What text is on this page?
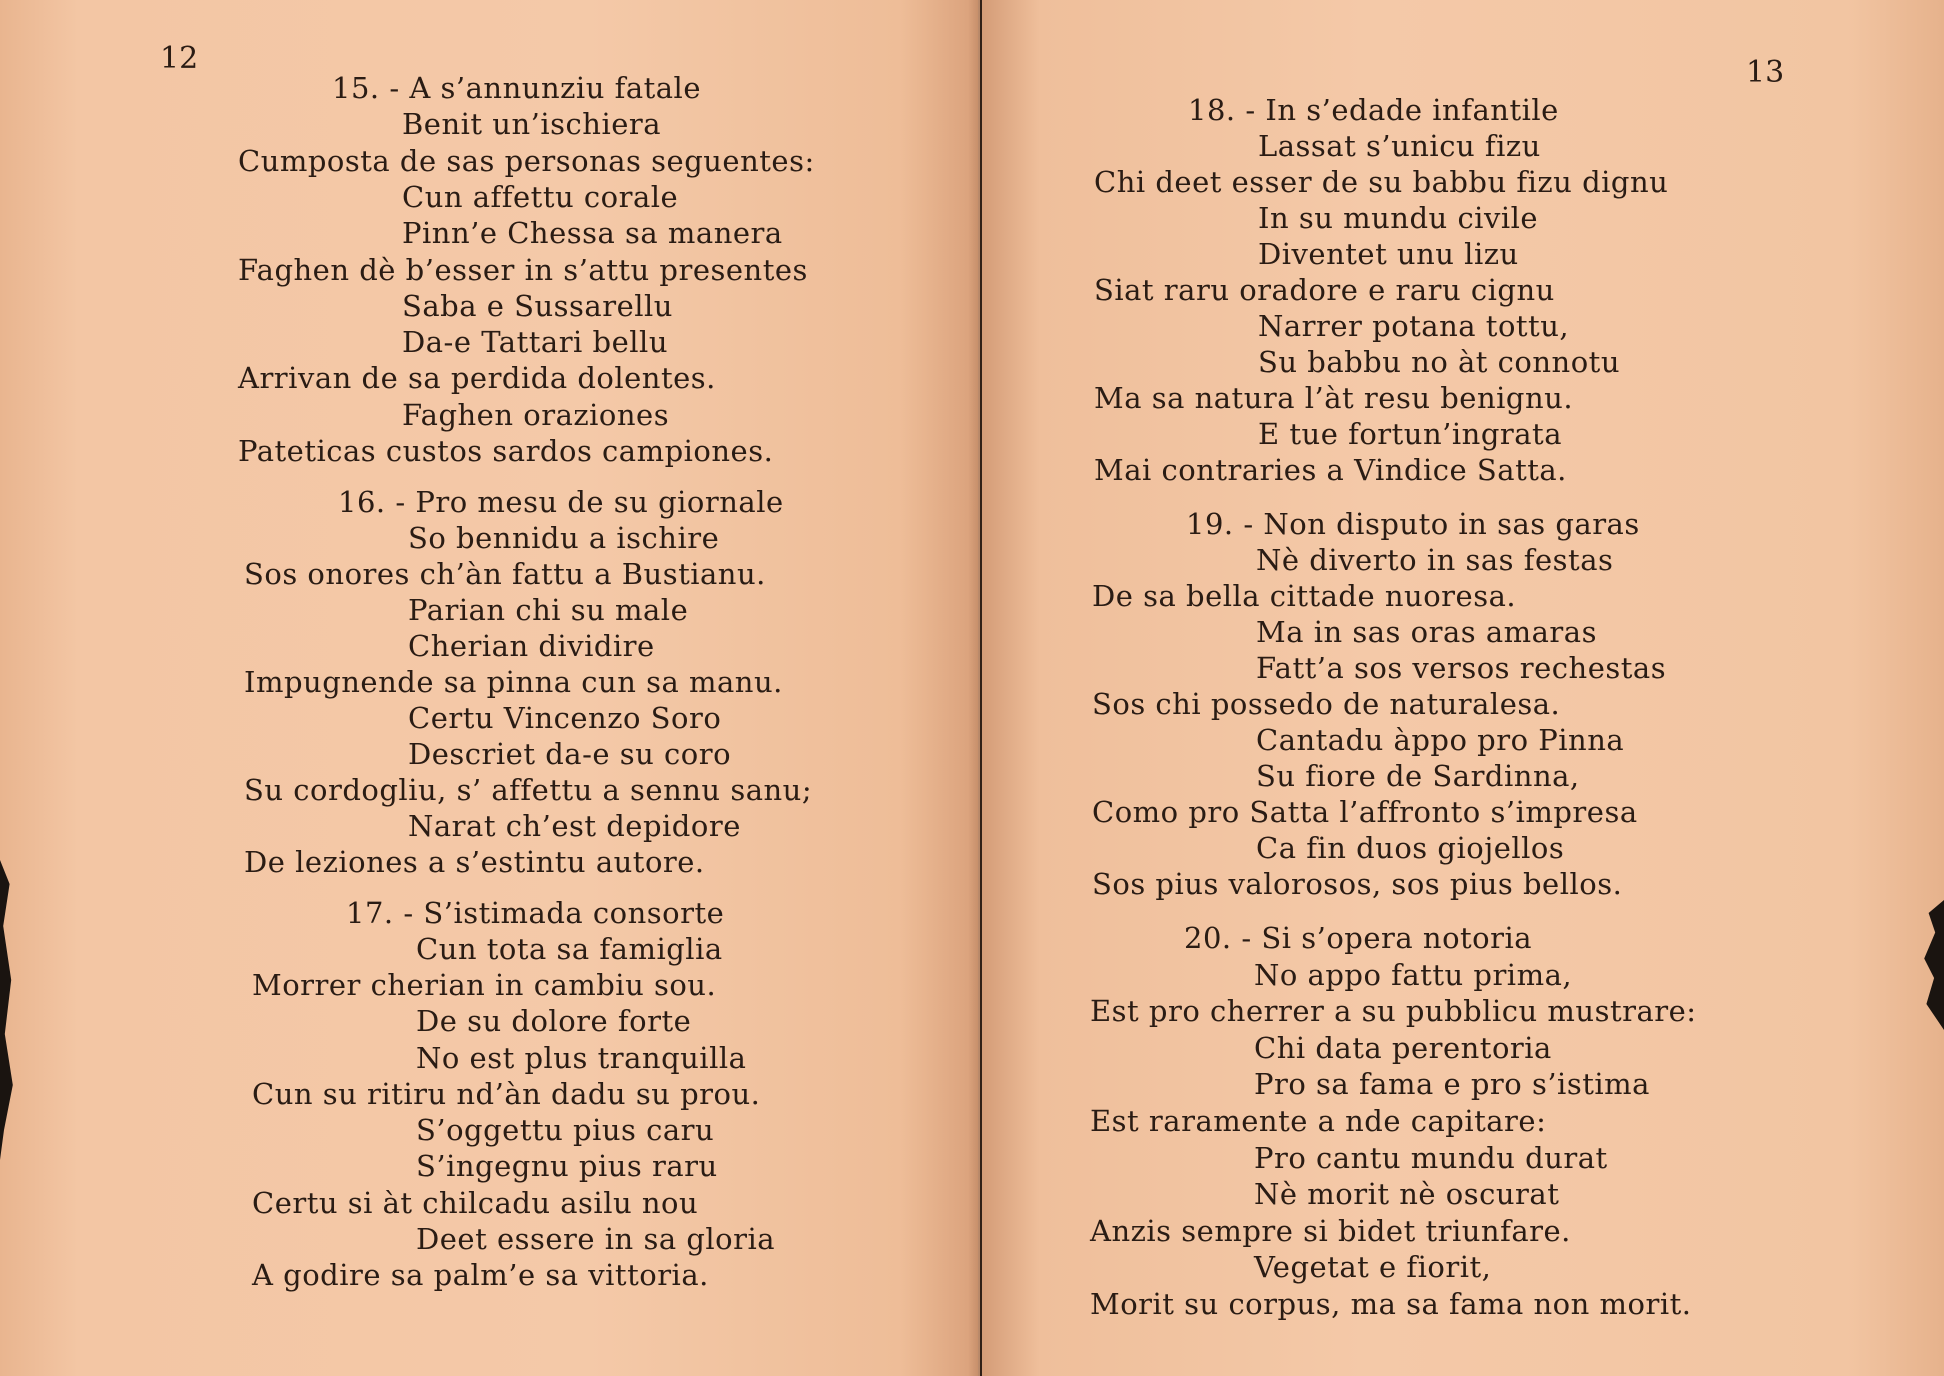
12
15. - A s’annunziu fatale
Benit un’ischiera
Cumposta de sas personas seguentes:
Cun affettu corale
Pinn’e Chessa sa manera
Faghen dè b’esser in s’attu presentes
Saba e Sussarellu
Da-e Tattari bellu
Arrivan de sa perdida dolentes.
Faghen oraziones
Pateticas custos sardos campiones.
16. - Pro mesu de su giornale
So bennidu a ischire
Sos onores ch’àn fattu a Bustianu.
Parian chi su male
Cherian dividire
Impugnende sa pinna cun sa manu.
Certu Vincenzo Soro
Descriet da-e su coro
Su cordogliu, s’ affettu a sennu sanu;
Narat ch’est depidore
De leziones a s’estintu autore.
17. - S’istimada consorte
Cun tota sa famiglia
Morrer cherian in cambiu sou.
De su dolore forte
No est plus tranquilla
Cun su ritiru nd’àn dadu su prou.
S’oggettu pius caru
S’ingegnu pius raru
Certu si àt chilcadu asilu nou
Deet essere in sa gloria
A godire sa palm’e sa vittoria.
13
18. - In s’edade infantile
Lassat s’unicu fizu
Chi deet esser de su babbu fizu dignu
In su mundu civile
Diventet unu lizu
Siat raru oradore e raru cignu
Narrer potana tottu,
Su babbu no àt connotu
Ma sa natura l’àt resu benignu.
E tue fortun’ingrata
Mai contraries a Vindice Satta.
19. - Non disputo in sas garas
Nè diverto in sas festas
De sa bella cittade nuoresa.
Ma in sas oras amaras
Fatt’a sos versos rechestas
Sos chi possedo de naturalesa.
Cantadu àppo pro Pinna
Su fiore de Sardinna,
Como pro Satta l’affronto s’impresa
Ca fin duos giojellos
Sos pius valorosos, sos pius bellos.
20. - Si s’opera notoria
No appo fattu prima,
Est pro cherrer a su pubblicu mustrare:
Chi data perentoria
Pro sa fama e pro s’istima
Est raramente a nde capitare:
Pro cantu mundu durat
Nè morit nè oscurat
Anzis sempre si bidet triunfare.
Vegetat e fiorit,
Morit su corpus, ma sa fama non morit.
